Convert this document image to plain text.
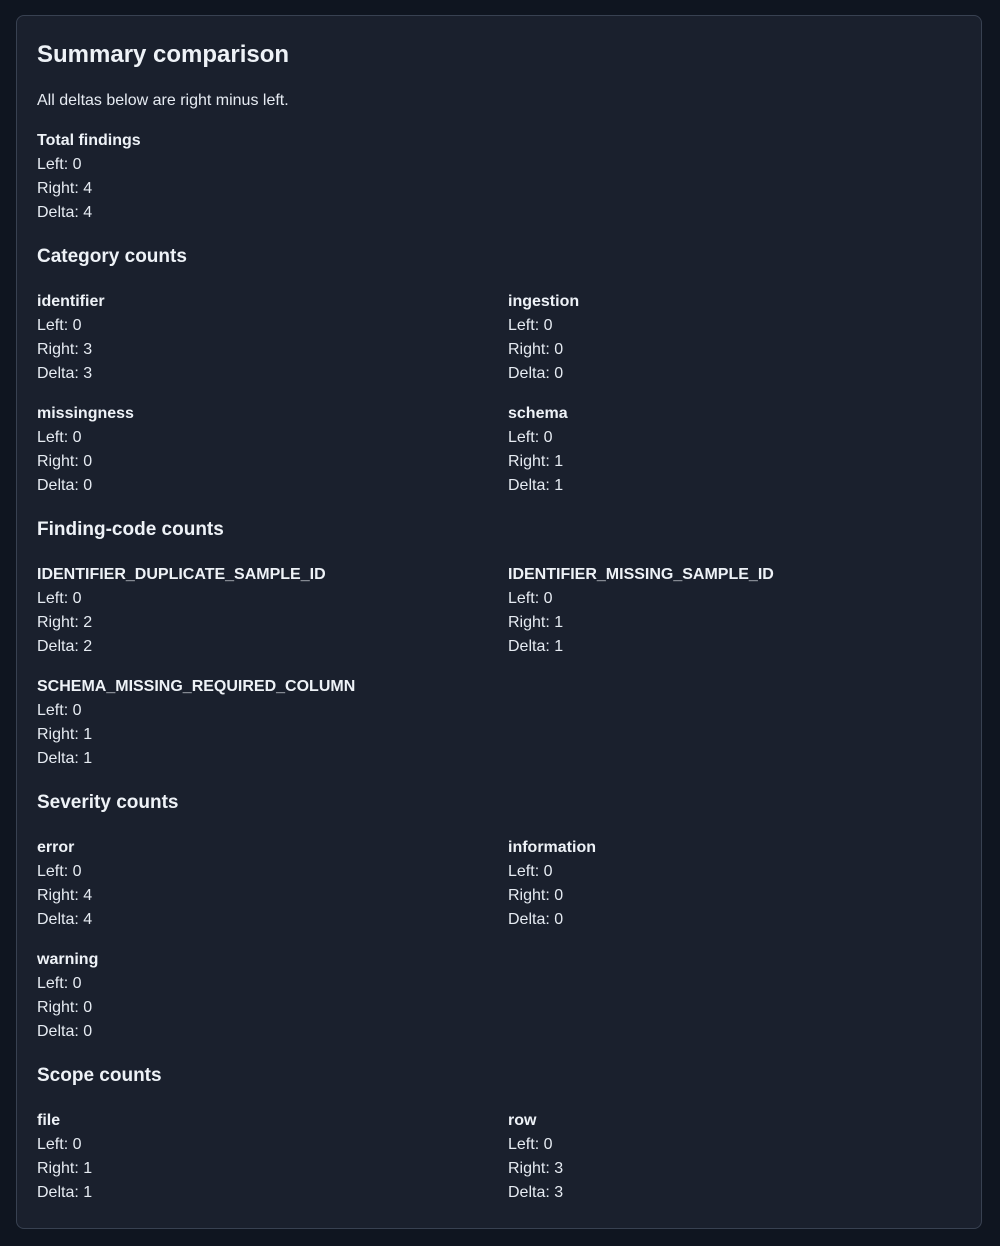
Summary comparison
All deltas below are right minus left.
Total findings
Left: 0
Right: 4
Delta: 4
Category counts
identifier
Left: 0
Right: 3
Delta: 3
ingestion
Left: 0
Right: 0
Delta: 0
missingness
Left: 0
Right: 0
Delta: 0
schema
Left: 0
Right: 1
Delta: 1
Finding-code counts
IDENTIFIER_DUPLICATE_SAMPLE_ID
Left: 0
Right: 2
Delta: 2
IDENTIFIER_MISSING_SAMPLE_ID
Left: 0
Right: 1
Delta: 1
SCHEMA_MISSING_REQUIRED_COLUMN
Left: 0
Right: 1
Delta: 1
Severity counts
error
Left: 0
Right: 4
Delta: 4
information
Left: 0
Right: 0
Delta: 0
warning
Left: 0
Right: 0
Delta: 0
Scope counts
file
Left: 0
Right: 1
Delta: 1
row
Left: 0
Right: 3
Delta: 3
